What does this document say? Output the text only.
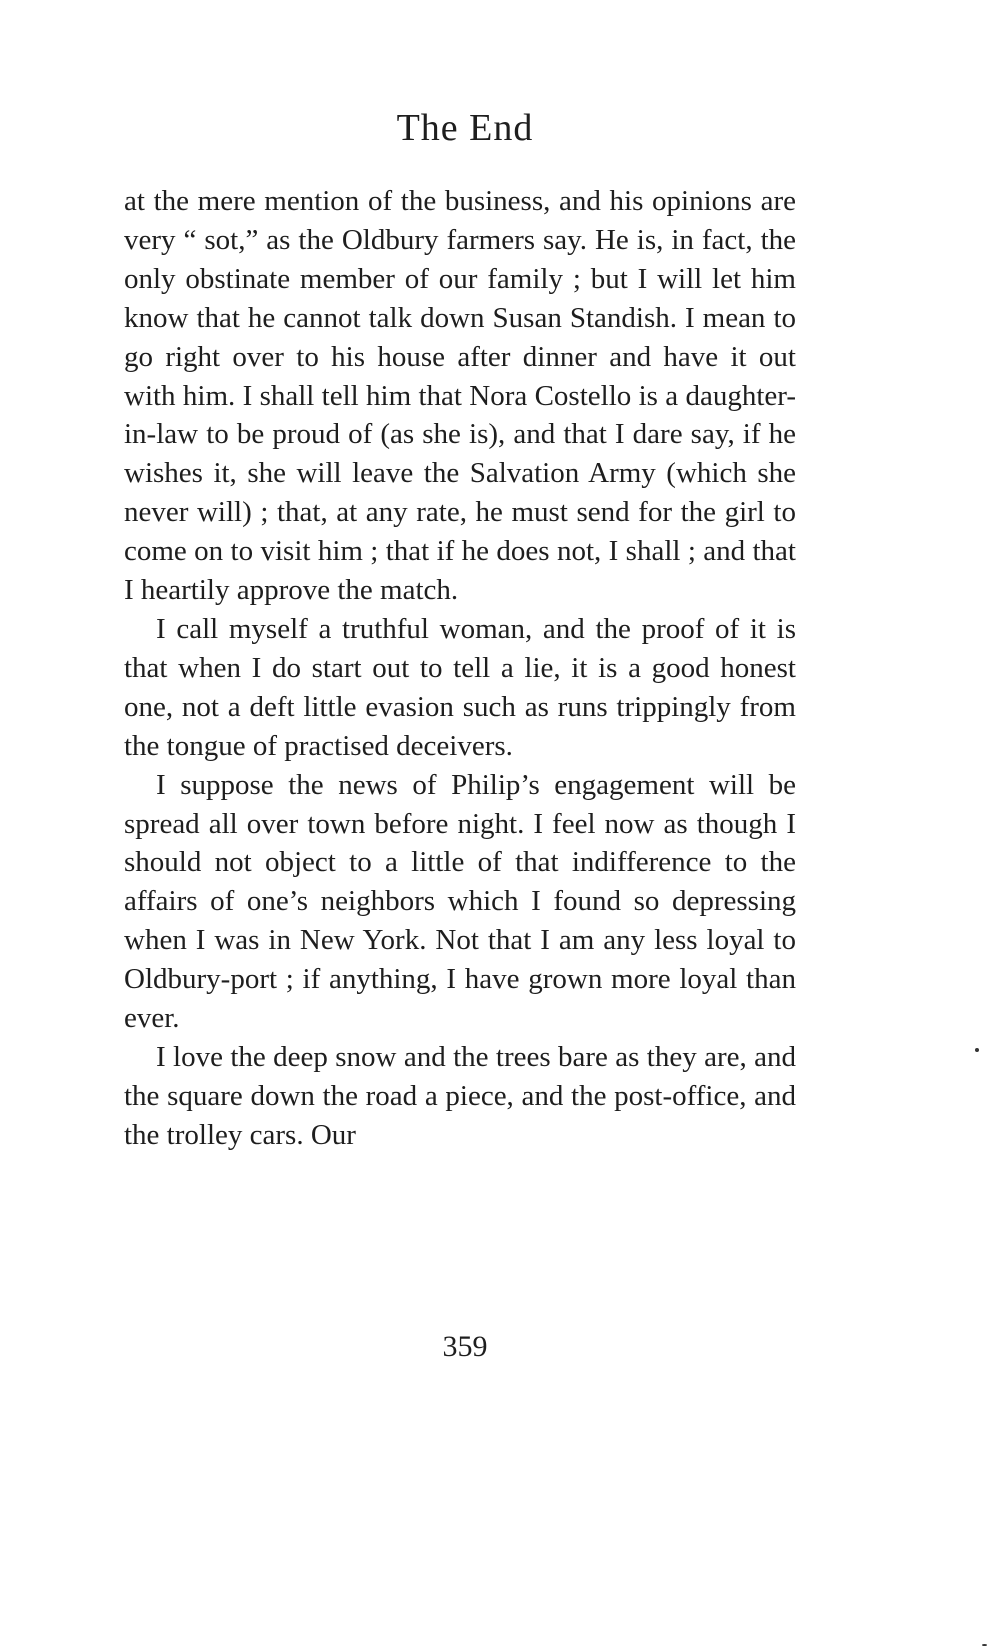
The End

at the mere mention of the business, and his opinions are very “ sot,” as the Oldbury farmers say. He is, in fact, the only obstinate member of our family ; but I will let him know that he cannot talk down Susan Standish. I mean to go right over to his house after dinner and have it out with him. I shall tell him that Nora Costello is a daughter-in-law to be proud of (as she is), and that I dare say, if he wishes it, she will leave the Salvation Army (which she never will) ; that, at any rate, he must send for the girl to come on to visit him ; that if he does not, I shall ; and that I heartily approve the match.

I call myself a truthful woman, and the proof of it is that when I do start out to tell a lie, it is a good honest one, not a deft little evasion such as runs trippingly from the tongue of practised deceivers.

I suppose the news of Philip’s engagement will be spread all over town before night. I feel now as though I should not object to a little of that indifference to the affairs of one’s neighbors which I found so depressing when I was in New York. Not that I am any less loyal to Oldbury-port ; if anything, I have grown more loyal than ever.

I love the deep snow and the trees bare as they are, and the square down the road a piece, and the post-office, and the trolley cars. Our

359
